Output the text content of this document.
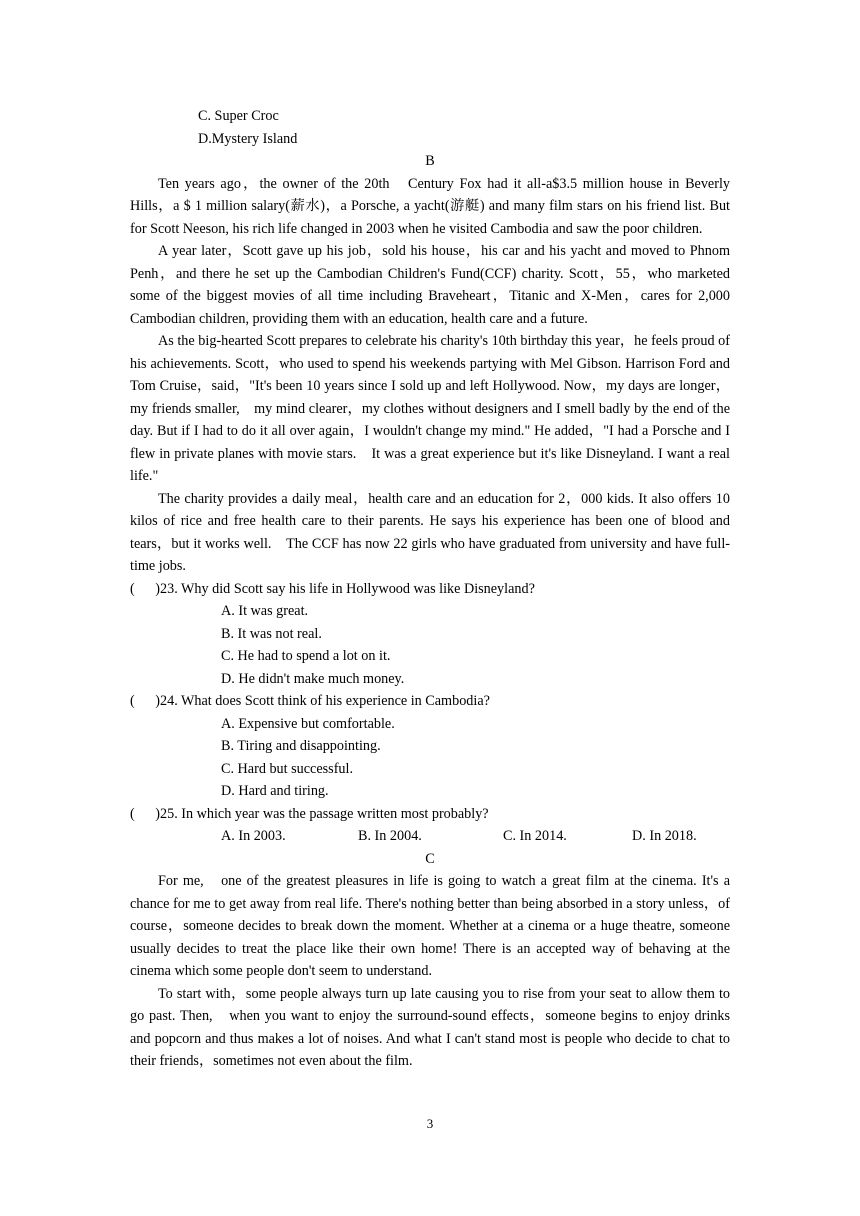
C. Super Croc
D.Mystery Island
B
Ten years ago，the owner of the 20th　Century Fox had it all-a$3.5 million house in Beverly Hills，a $ 1 million salary(薪水)，a Porsche, a yacht(游艇) and many film stars on his friend list. But for Scott Neeson, his rich life changed in 2003 when he visited Cambodia and saw the poor children.
A year later，Scott gave up his job，sold his house，his car and his yacht and moved to Phnom Penh，and there he set up the Cambodian Children's Fund(CCF) charity. Scott，55，who marketed some of the biggest movies of all time including Braveheart，Titanic and X-Men，cares for 2,000 Cambodian children, providing them with an education, health care and a future.
As the big-hearted Scott prepares to celebrate his charity's 10th birthday this year，he feels proud of his achievements. Scott，who used to spend his weekends partying with Mel Gibson. Harrison Ford and Tom Cruise，said，"It's been 10 years since I sold up and left Hollywood. Now，my days are longer，my friends smaller,　my mind clearer，my clothes without designers and I smell badly by the end of the day. But if I had to do it all over again，I wouldn't change my mind." He added，"I had a Porsche and I flew in private planes with movie stars.　It was a great experience but it's like Disneyland. I want a real life."
The charity provides a daily meal，health care and an education for 2，000 kids. It also offers 10 kilos of rice and free health care to their parents. He says his experience has been one of blood and tears，but it works well.　The CCF has now 22 girls who have graduated from university and have full-time jobs.
( )23. Why did Scott say his life in Hollywood was like Disneyland?
A. It was great.
B. It was not real.
C. He had to spend a lot on it.
D. He didn't make much money.
( )24. What does Scott think of his experience in Cambodia?
A. Expensive but comfortable.
B. Tiring and disappointing.
C. Hard but successful.
D. Hard and tiring.
( )25. In which year was the passage written most probably?
A. In 2003.	B. In 2004.	C. In 2014.	D. In 2018.
C
For me,　one of the greatest pleasures in life is going to watch a great film at the cinema. It's a chance for me to get away from real life. There's nothing better than being absorbed in a story unless，of course，someone decides to break down the moment. Whether at a cinema or a huge theatre, someone usually decides to treat the place like their own home! There is an accepted way of behaving at the cinema which some people don't seem to understand.
To start with，some people always turn up late causing you to rise from your seat to allow them to go past. Then,　when you want to enjoy the surround-sound effects，someone begins to enjoy drinks and popcorn and thus makes a lot of noises. And what I can't stand most is people who decide to chat to their friends，sometimes not even about the film.
3
